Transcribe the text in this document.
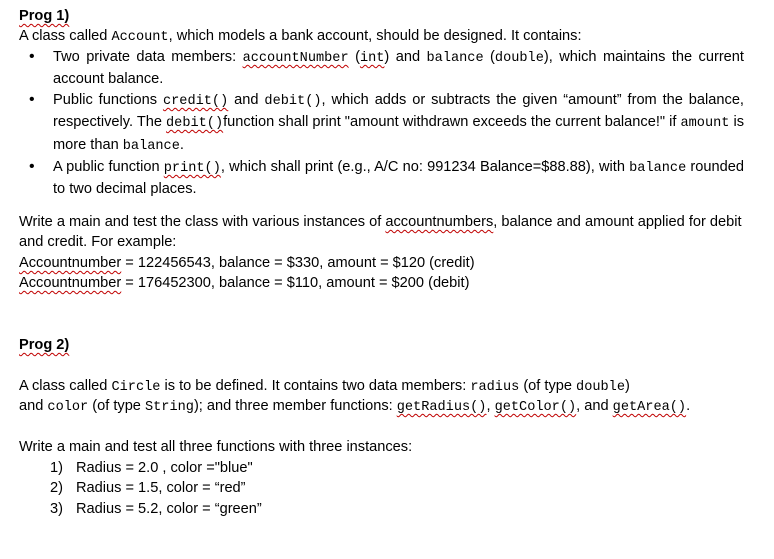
Prog 1)
A class called Account, which models a bank account, should be designed. It contains:
• Two private data members: accountNumber (int) and balance (double), which maintains the current account balance.
• Public functions credit() and debit(), which adds or subtracts the given “amount” from the balance, respectively. The debit()function shall print "amount withdrawn exceeds the current balance!" if amount is more than balance.
• A public function print(), which shall print (e.g., A/C no: 991234 Balance=$88.88), with balance rounded to two decimal places.
Write a main and test the class with various instances of accountnumbers, balance and amount applied for debit and credit. For example:
Accountnumber = 122456543, balance = $330, amount = $120 (credit)
Accountnumber = 176452300, balance = $110, amount = $200 (debit)
Prog 2)
A class called Circle is to be defined. It contains two data members: radius (of type double)
and color (of type String); and three member functions: getRadius(), getColor(), and getArea().
Write a main and test all three functions with three instances:
1) Radius = 2.0 , color ="blue"
2) Radius = 1.5, color = “red”
3) Radius = 5.2, color = “green”
